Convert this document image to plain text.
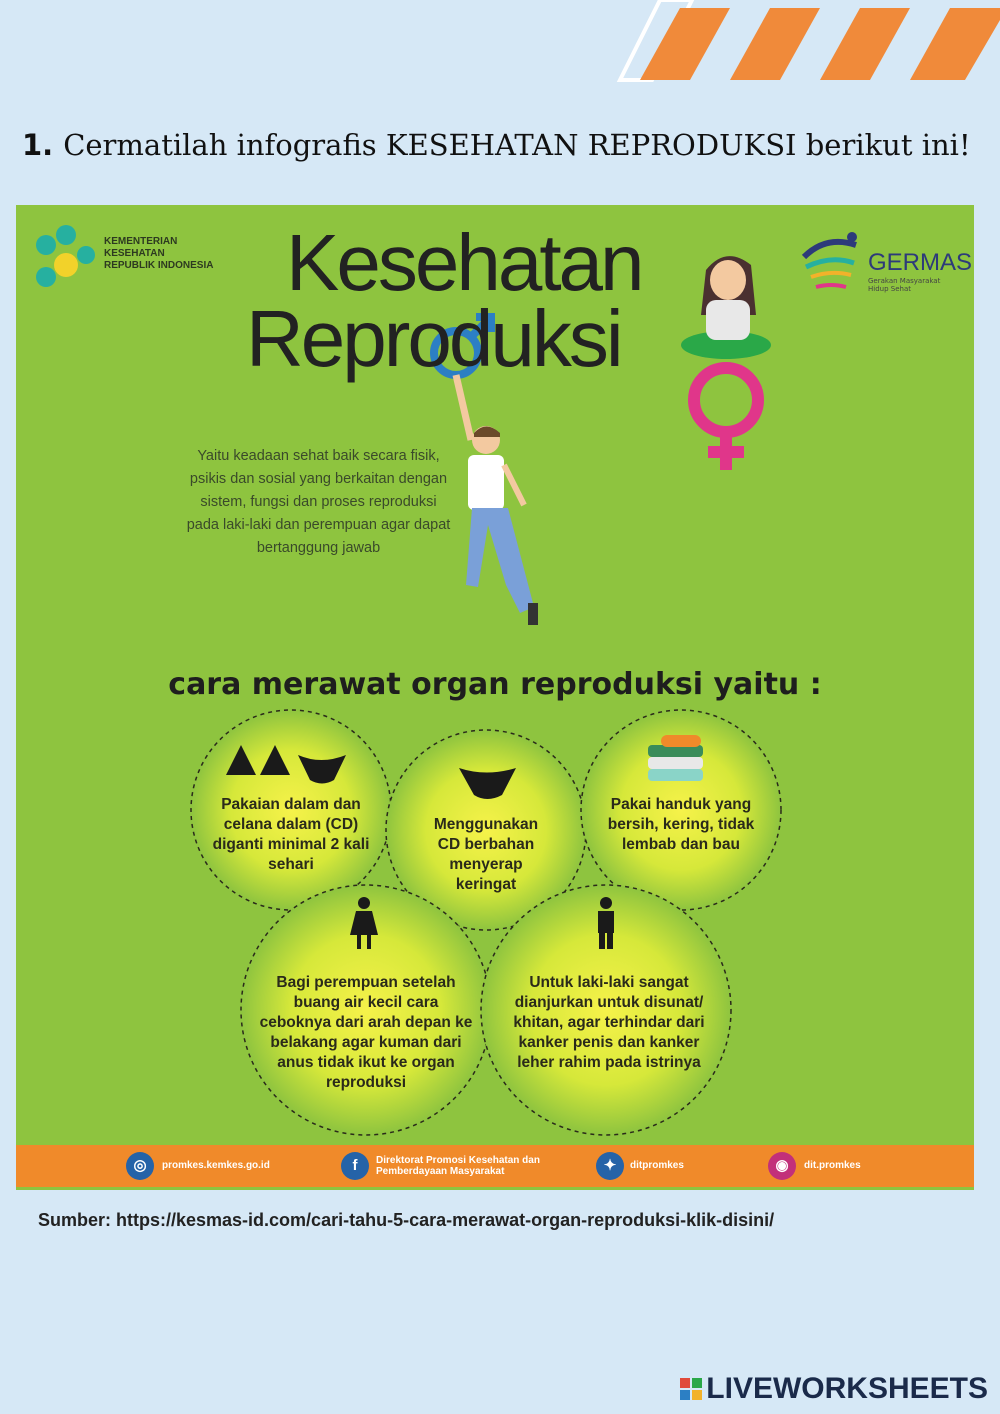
1. Cermatilah infografis KESEHATAN REPRODUKSI berikut ini!
KEMENTERIAN KESEHATAN REPUBLIK INDONESIA Kesehatan
Reproduksi
GERMAS
Gerakan Masyarakat Hidup Sehat
Yaitu keadaan sehat baik secara fisik, psikis dan sosial yang berkaitan dengan sistem, fungsi dan proses reproduksi pada laki-laki dan perempuan agar dapat bertanggung jawab
cara merawat organ reproduksi yaitu :
Pakaian dalam dan celana dalam (CD) diganti minimal 2 kali sehari
Menggunakan CD berbahan menyerap keringat
Pakai handuk yang bersih, kering, tidak lembab dan bau
Bagi perempuan setelah buang air kecil cara ceboknya dari arah depan ke belakang agar kuman dari anus tidak ikut ke organ reproduksi
Untuk laki-laki sangat dianjurkan untuk disunat/ khitan, agar terhindar dari kanker penis dan kanker leher rahim pada istrinya
◎	promkes.kemkes.go.id	f	Direktorat Promosi Kesehatan dan Pemberdayaan Masyarakat	✦	ditpromkes	◉	dit.promkes
Sumber: https://kesmas-id.com/cari-tahu-5-cara-merawat-organ-reproduksi-klik-disini/
LIVEWORKSHEETS
